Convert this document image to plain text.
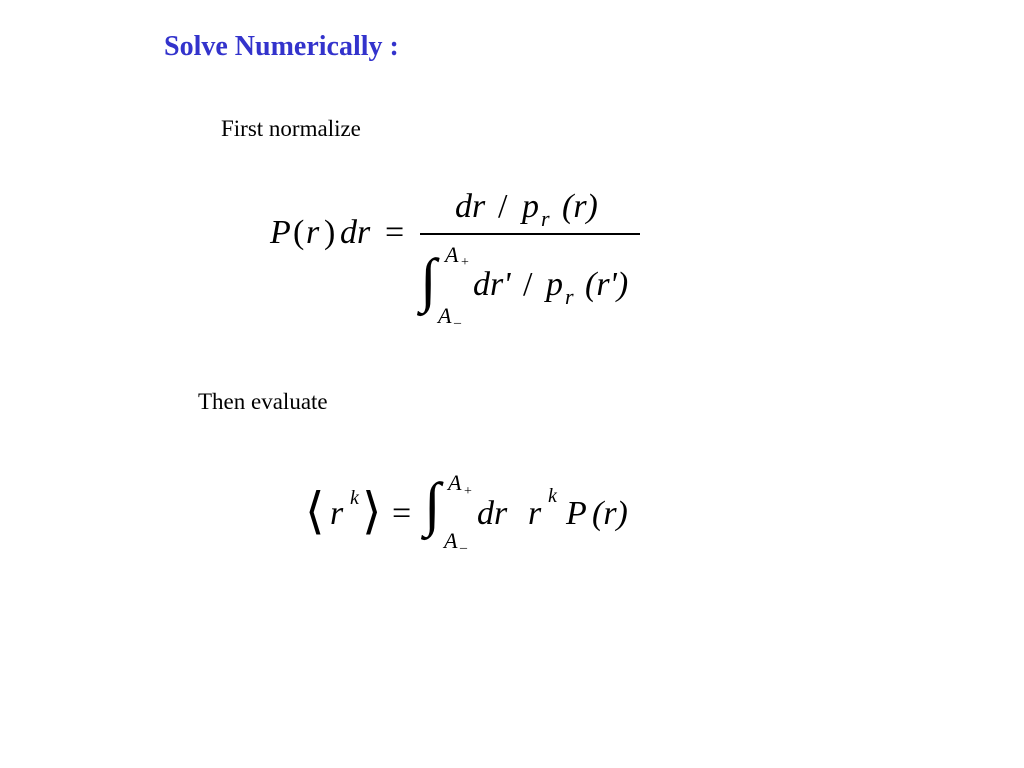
Solve Numerically :
First normalize
P ( r ) dr =
dr / p r (r)
∫ A +
dr' / p r (r')
A _
Then evaluate
⟨ r k ⟩ = ∫ A +
A _
dr r k P (r)
